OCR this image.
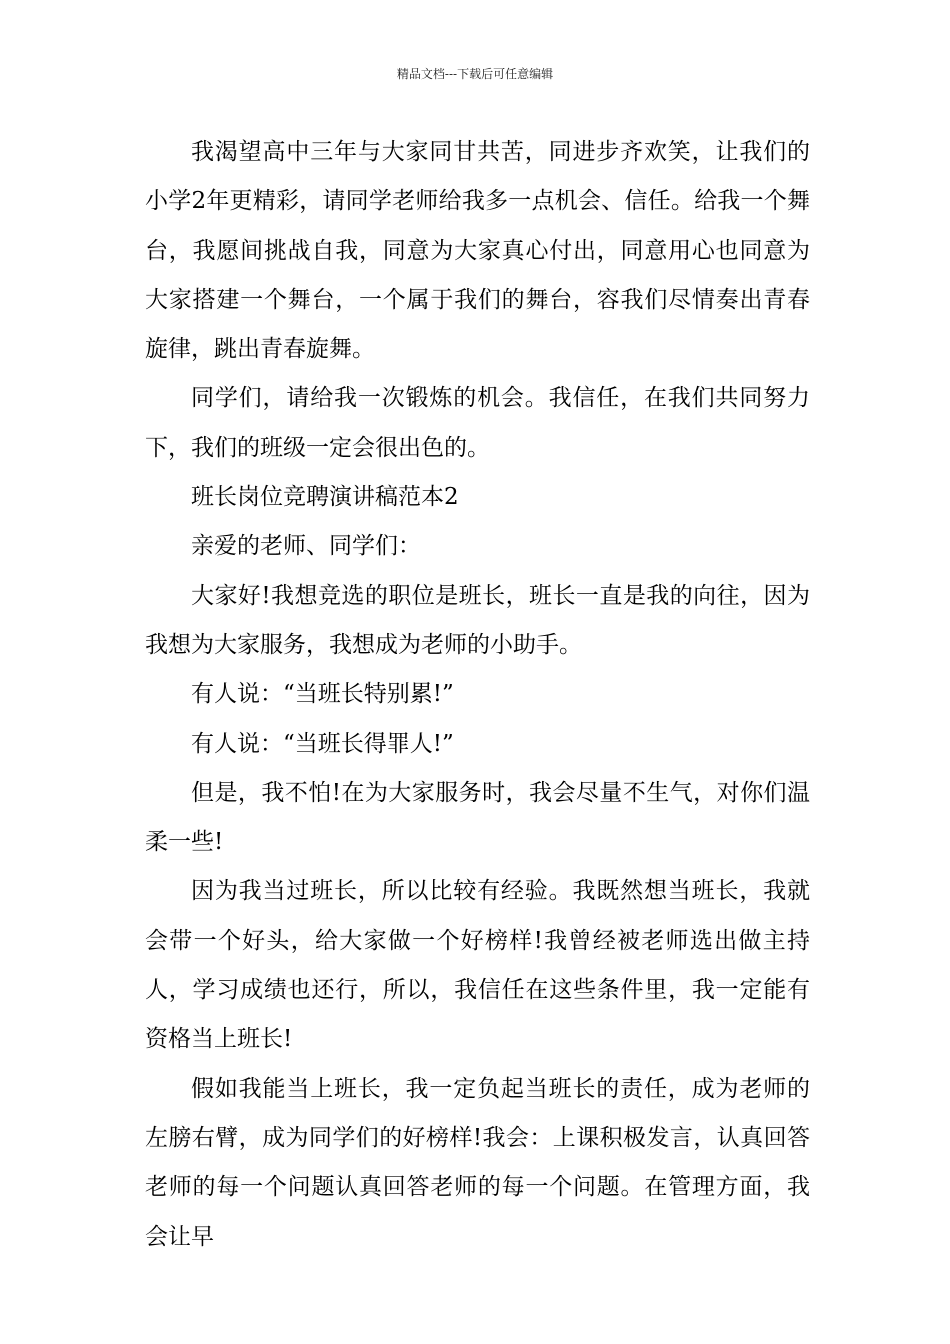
精品文档---下载后可任意编辑

我渴望高中三年与大家同甘共苦，同进步齐欢笑，让我们的小学2年更精彩，请同学老师给我多一点机会、信任。给我一个舞台，我愿间挑战自我，同意为大家真心付出，同意用心也同意为大家搭建一个舞台，一个属于我们的舞台，容我们尽情奏出青春旋律，跳出青春旋舞。

同学们，请给我一次锻炼的机会。我信任，在我们共同努力下，我们的班级一定会很出色的。

班长岗位竞聘演讲稿范本2

亲爱的老师、同学们：

大家好!我想竞选的职位是班长，班长一直是我的向往，因为我想为大家服务，我想成为老师的小助手。

有人说：“当班长特别累!”

有人说：“当班长得罪人!”

但是，我不怕!在为大家服务时，我会尽量不生气，对你们温柔一些!

因为我当过班长，所以比较有经验。我既然想当班长，我就会带一个好头，给大家做一个好榜样!我曾经被老师选出做主持人，学习成绩也还行，所以，我信任在这些条件里，我一定能有资格当上班长!

假如我能当上班长，我一定负起当班长的责任，成为老师的左膀右臂，成为同学们的好榜样!我会：上课积极发言，认真回答老师的每一个问题认真回答老师的每一个问题。在管理方面，我会让早
